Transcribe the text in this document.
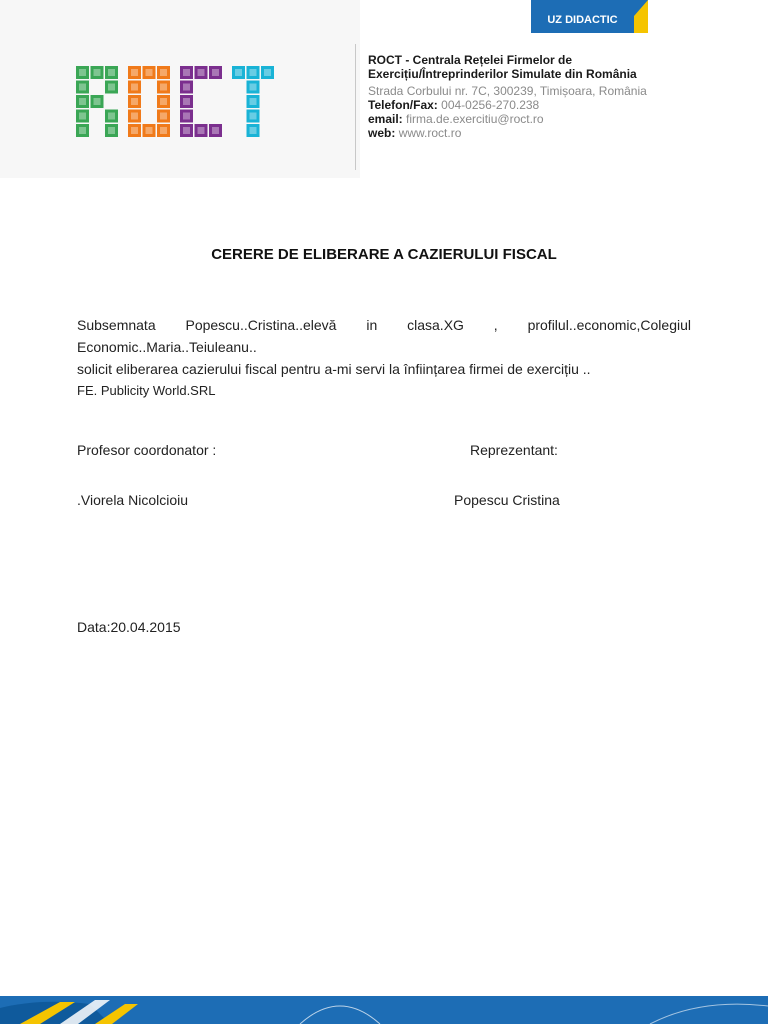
ROCT - Centrala Rețelei Firmelor de
Exercițiu/Întreprinderilor Simulate din România
Strada Corbului nr. 7C, 300239, Timișoara, România
Telefon/Fax: 004-0256-270.238
email: firma.de.exercitiu@roct.ro
web: www.roct.ro
UZ DIDACTIC
CERERE DE ELIBERARE A CAZIERULUI FISCAL

Subsemnata Popescu..Cristina..elevă in clasa.XG , profilul..economic,Colegiul Economic..Maria..Teiuleanu..

solicit eliberarea cazierului fiscal pentru a-mi servi la înființarea firmei de exercițiu ..

FE. Publicity World.SRL

Profesor coordonator :	Reprezentant:
.Viorela Nicolcioiu	Popescu Cristina
Data:20.04.2015
